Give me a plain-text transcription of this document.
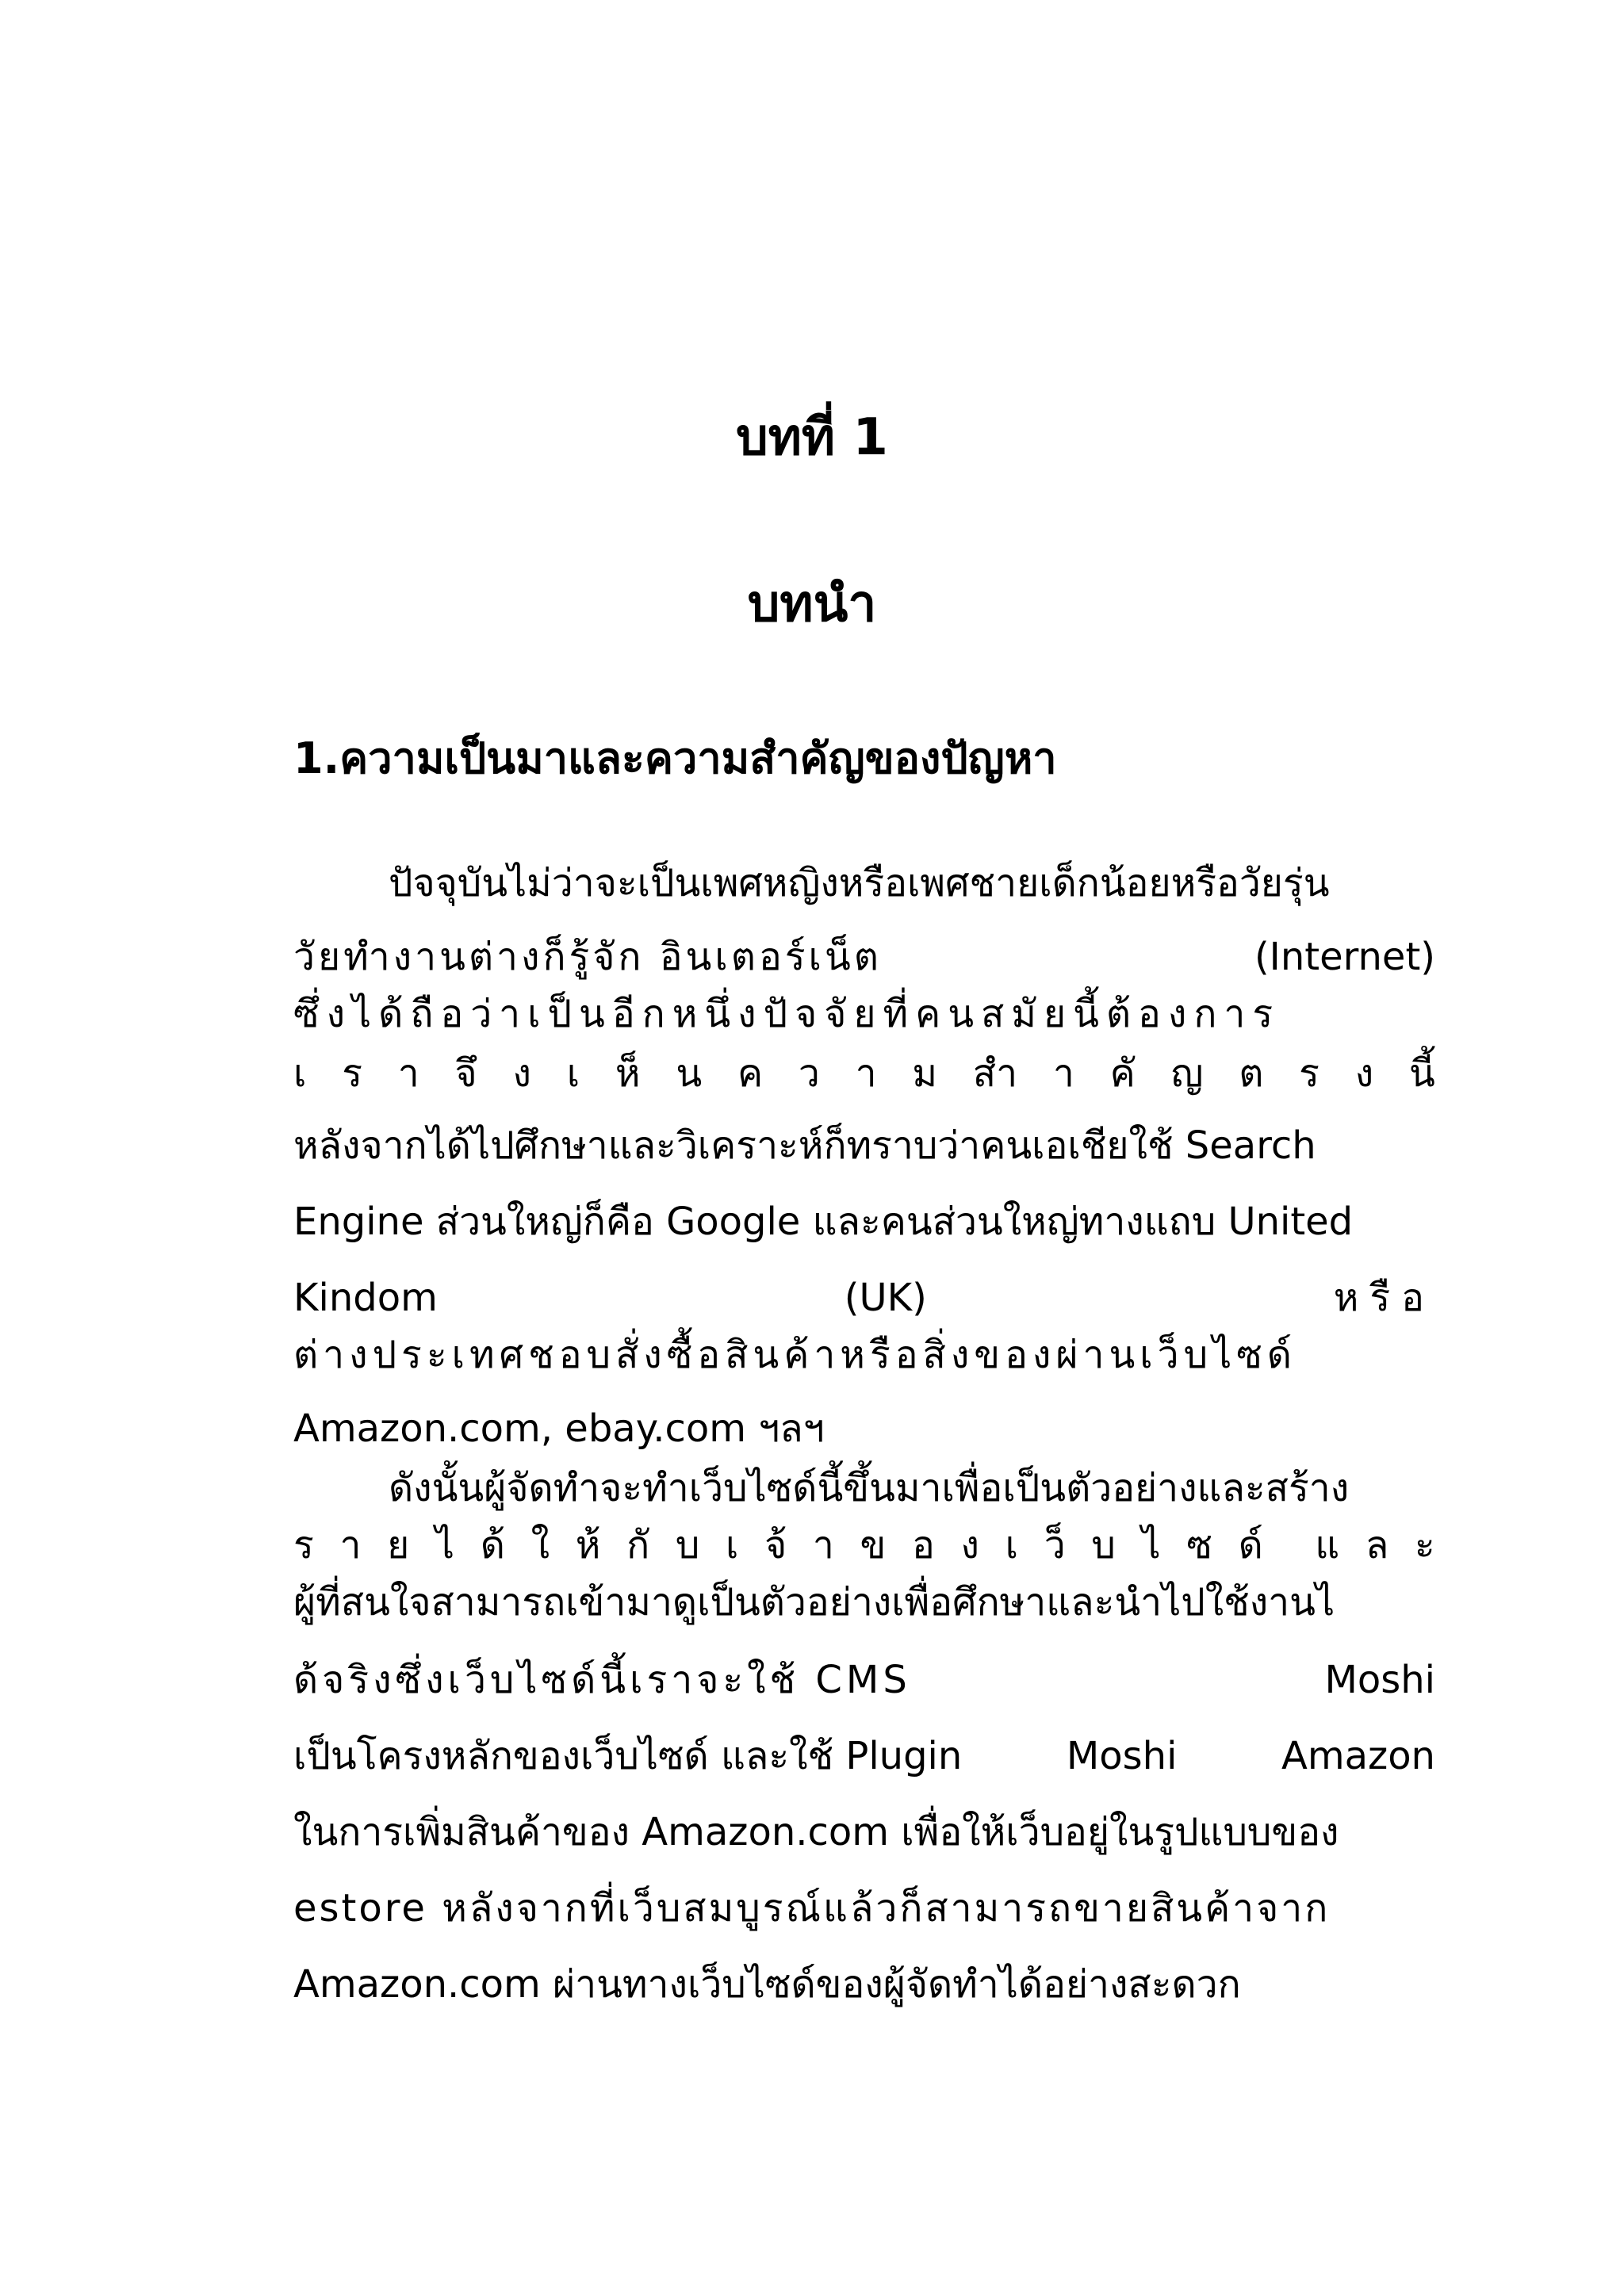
บทที่ 1
บทนำ
1.ความเป็นมาและความสำคัญของปัญหา

ปัจจุบันไม่ว่าจะเป็นเพศหญิงหรือเพศชายเด็กน้อยหรือวัยรุ่น

วัยทำงานต่างก็รู้จัก อินเตอร์เน็ต	(Internet)

ซึ่งได้ถือว่าเป็นอีกหนึ่งปัจจัยที่คนสมัยนี้ต้องการ

เ ร า จึ ง เ ห็ น ค ว า ม สำ า คั ญ ต ร ง นี้

หลังจากได้ไปศึกษาและวิเคราะห์ก็ทราบว่าคนเอเชียใช้ Search

Engine ส่วนใหญ่ก็คือ Google และคนส่วนใหญ่ทางแถบ United

Kindom	(UK)	หรือ

ต่างประเทศชอบสั่งซื้อสินค้าหรือสิ่งของผ่านเว็บไซด์

Amazon.com, ebay.com ฯลฯ

ดังนั้นผู้จัดทำจะทำเว็บไซด์นี้ขึ้นมาเพื่อเป็นตัวอย่างและสร้าง

ร า ย ไ ด้ ใ ห้ กั บ เ จ้ า ข อ ง เ ว็ บ ไ ซ ด์ แ ล ะ

ผู้ที่สนใจสามารถเข้ามาดูเป็นตัวอย่างเพื่อศึกษาและนำไปใช้งานไ

ด้จริงซึ่งเว็บไซด์นี้เราจะใช้ CMS	Moshi

เป็นโครงหลักของเว็บไซด์ และใช้ Plugin	Moshi	Amazon

ในการเพิ่มสินค้าของ Amazon.com เพื่อให้เว็บอยู่ในรูปแบบของ

estore หลังจากที่เว็บสมบูรณ์แล้วก็สามารถขายสินค้าจาก

Amazon.com ผ่านทางเว็บไซด์ของผู้จัดทำได้อย่างสะดวก
